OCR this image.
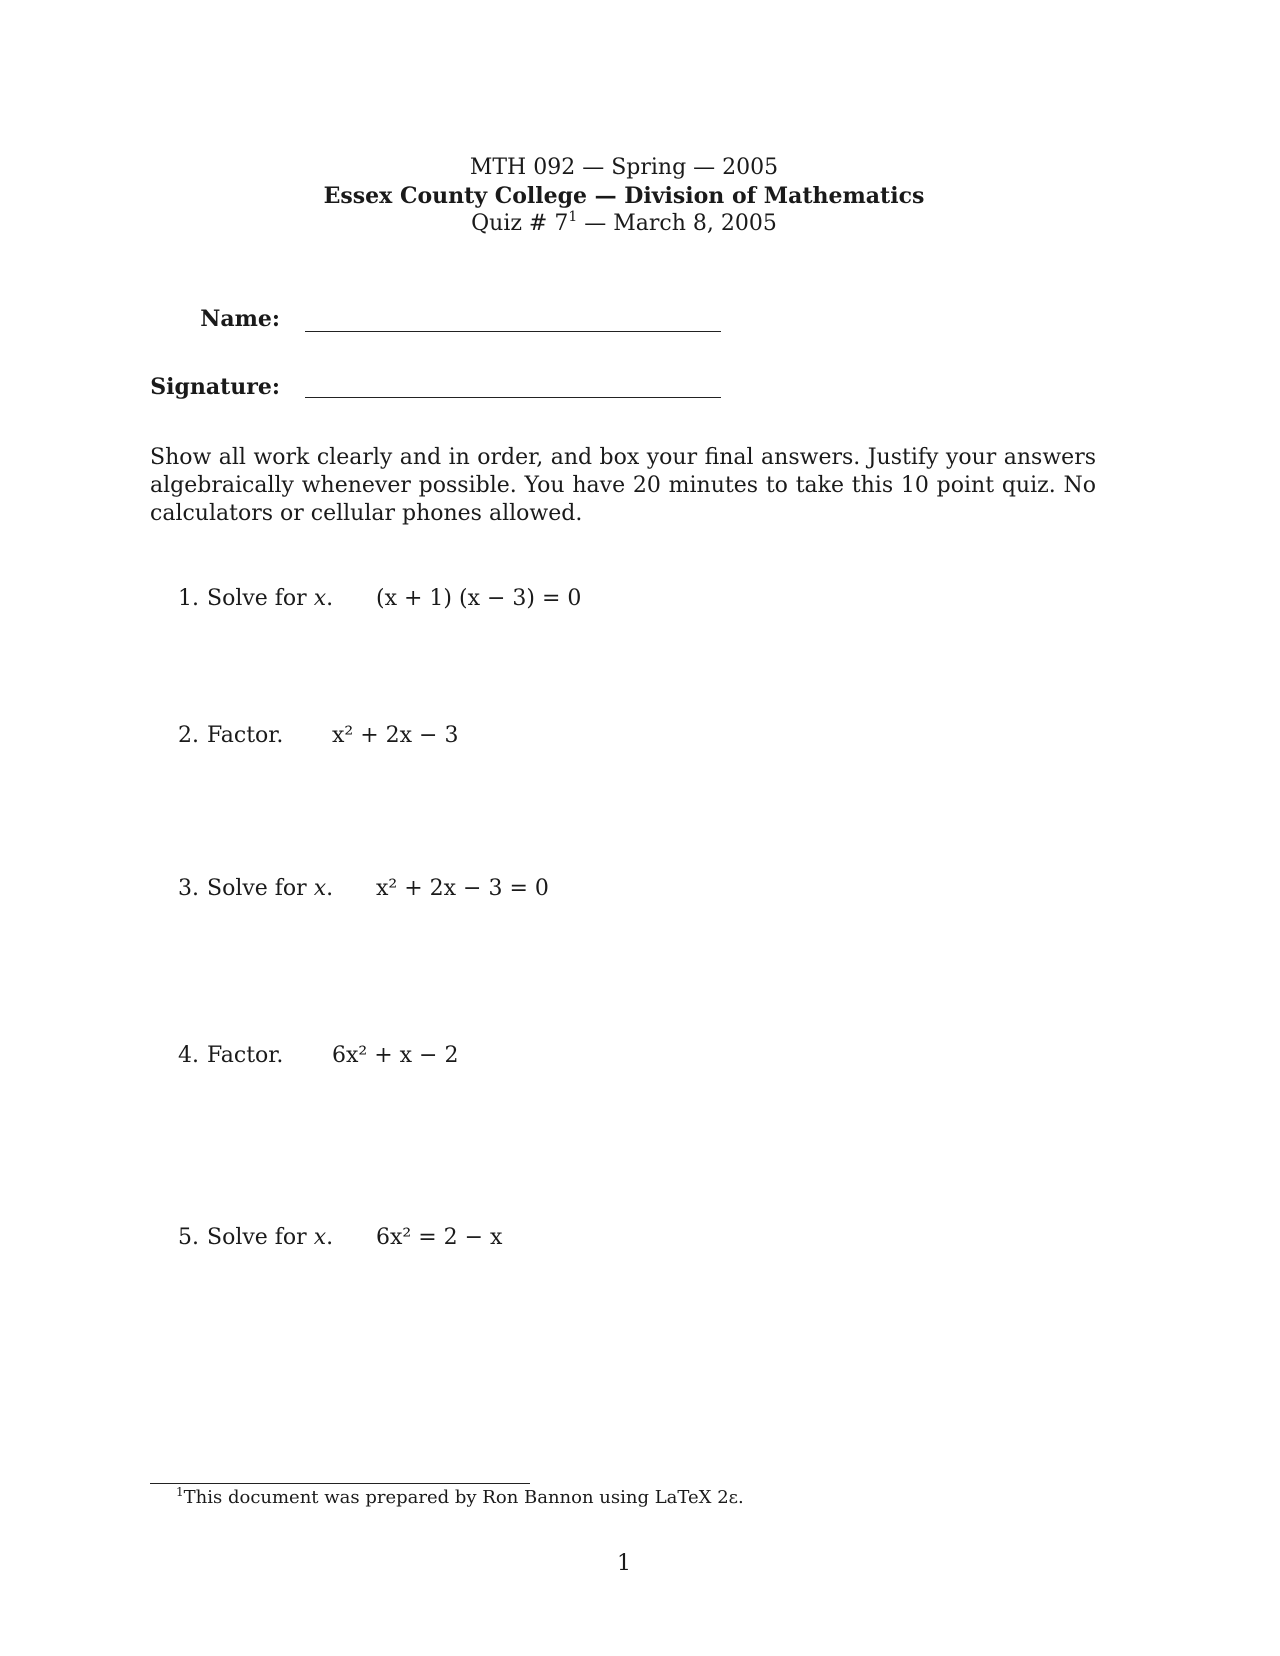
MTH 092 — Spring — 2005
Essex County College — Division of Mathematics
Quiz # $7^1$ — March 8, 2005
Name:
Signature:
Show all work clearly and in order, and box your final answers. Justify your answers algebraically whenever possible. You have 20 minutes to take this 10 point quiz. No calculators or cellular phones allowed.
1. Solve for x. (x + 1) (x − 3) = 0
2. Factor. x² + 2x − 3
3. Solve for x. x² + 2x − 3 = 0
4. Factor. 6x² + x − 2
5. Solve for x. 6x² = 2 − x
$^1$This document was prepared by Ron Bannon using LaTeX 2ε.
1
